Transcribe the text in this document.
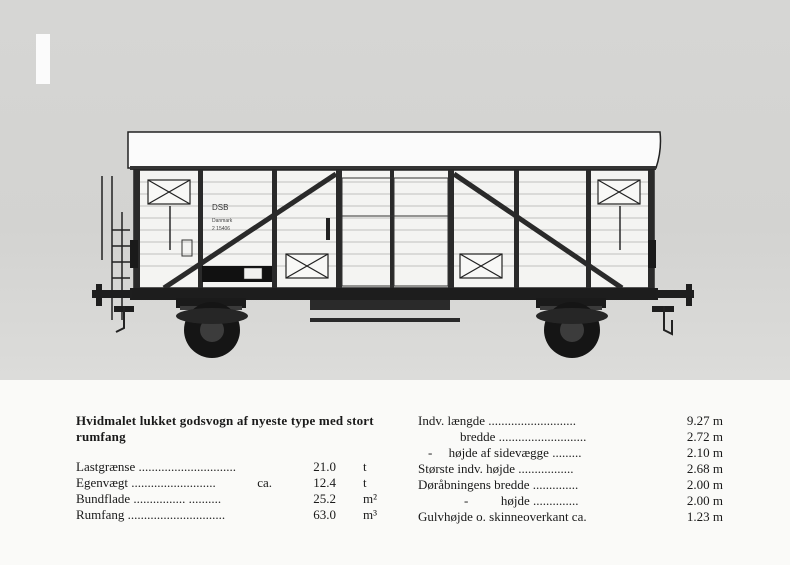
DSB
Danmark
2 15406
Hvidmalet lukket godsvogn af nyeste type med stort rumfang
Lastgrænse ..............................	21.0 t
Egenvægt ..........................	ca.	12.4 t
Bundflade ................ ..........	25.2 m²
Rumfang ..............................	63.0 m³
Indv. længde ...........................	9.27 m
bredde ...........................	2.72 m
-     højde af sidevægge .........	2.10 m
Største indv. højde .................	2.68 m
Døråbningens bredde ..............	2.00 m
-          højde ..............	2.00 m
Gulvhøjde o. skinneoverkant ca.	1.23 m
